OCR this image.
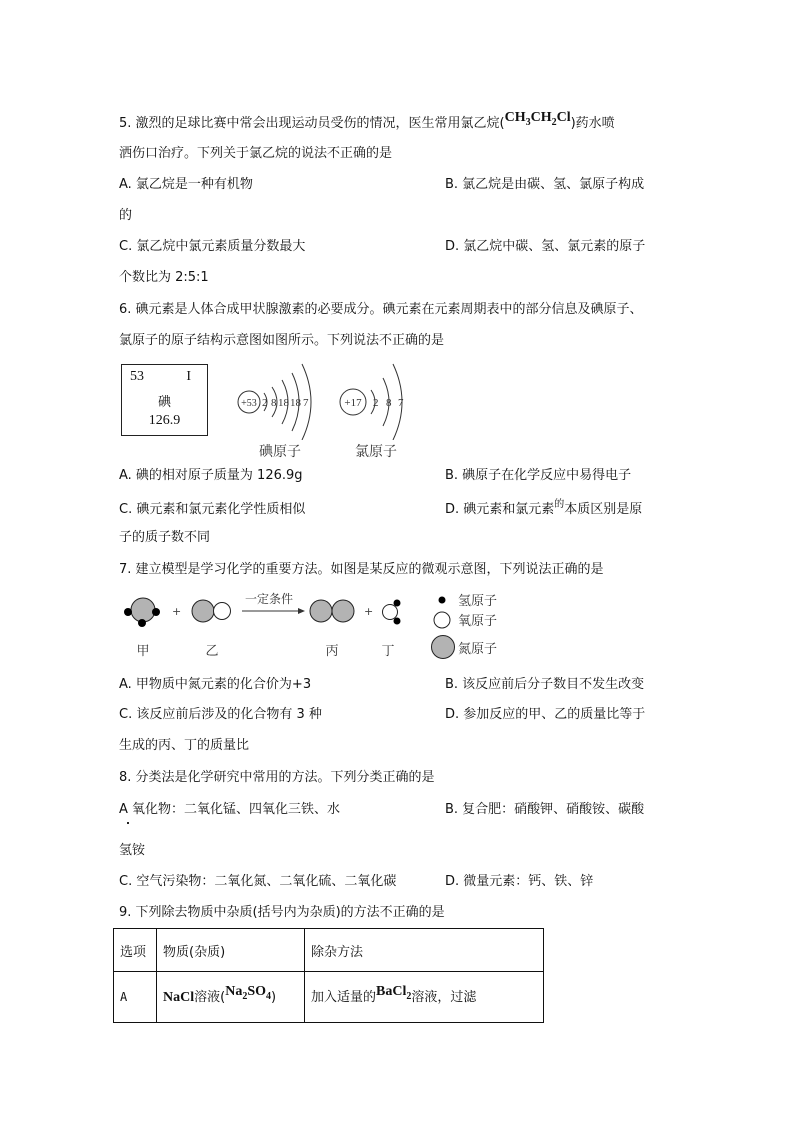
5. 激烈的足球比赛中常会出现运动员受伤的情况，医生常用氯乙烷$(CH_3CH_2Cl)$药水喷
洒伤口治疗。下列关于氯乙烷的说法不正确的是
A. 氯乙烷是一种有机物	B. 氯乙烷是由碳、氢、氯原子构成
的
C. 氯乙烷中氯元素质量分数最大	D. 氯乙烷中碳、氢、氯元素的原子
个数比为 2:5:1
6. 碘元素是人体合成甲状腺激素的必要成分。碘元素在元素周期表中的部分信息及碘原子、
氯原子的原子结构示意图如图所示。下列说法不正确的是
53	I
碘
126.9
+53 2 8 18 18 7
碘原子
+17 2 8 7
氯原子
A. 碘的相对原子质量为 126.9g	B. 碘原子在化学反应中易得电子
C. 碘元素和氯元素化学性质相似	D. 碘元素和氯元素$^的$本质区别是原
子的质子数不同
7. 建立模型是学习化学的重要方法。如图是某反应的微观示意图，下列说法正确的是
+
一定条件
+
甲	乙	丙	丁
氢原子
氧原子
氮原子
A. 甲物质中氮元素的化合价为+3	B. 该反应前后分子数目不发生改变
C. 该反应前后涉及的化合物有 3 种	D. 参加反应的甲、乙的质量比等于
生成的丙、丁的质量比
8. 分类法是化学研究中常用的方法。下列分类正确的是
A 氧化物：二氧化锰、四氧化三铁、水	B. 复合肥：硝酸钾、硝酸铵、碳酸
氢铵
C. 空气污染物：二氧化氮、二氧化硫、二氧化碳	D. 微量元素：钙、铁、锌
9. 下列除去物质中杂质(括号内为杂质)的方法不正确的是
选项	物质(杂质)	除杂方法
A	NaCl溶液$(Na_2SO_4)$	加入适量的BaCl$_2$溶液，过滤
